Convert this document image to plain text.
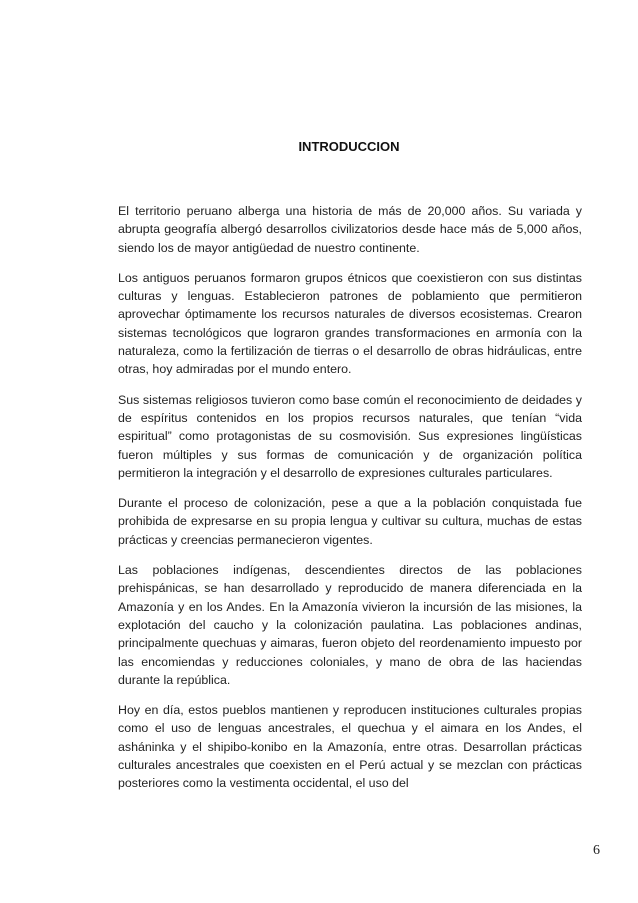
INTRODUCCION

El territorio peruano alberga una historia de más de 20,000 años. Su variada y abrupta geografía albergó desarrollos civilizatorios desde hace más de 5,000 años, siendo los de mayor antigüedad de nuestro continente.

Los antiguos peruanos formaron grupos étnicos que coexistieron con sus distintas culturas y lenguas. Establecieron patrones de poblamiento que permitieron aprovechar óptimamente los recursos naturales de diversos ecosistemas. Crearon sistemas tecnológicos que lograron grandes transformaciones en armonía con la naturaleza, como la fertilización de tierras o el desarrollo de obras hidráulicas, entre otras, hoy admiradas por el mundo entero.

Sus sistemas religiosos tuvieron como base común el reconocimiento de deidades y de espíritus contenidos en los propios recursos naturales, que tenían “vida espiritual” como protagonistas de su cosmovisión. Sus expresiones lingüísticas fueron múltiples y sus formas de comunicación y de organización política permitieron la integración y el desarrollo de expresiones culturales particulares.

Durante el proceso de colonización, pese a que a la población conquistada fue prohibida de expresarse en su propia lengua y cultivar su cultura, muchas de estas prácticas y creencias permanecieron vigentes.

Las poblaciones indígenas, descendientes directos de las poblaciones prehispánicas, se han desarrollado y reproducido de manera diferenciada en la Amazonía y en los Andes. En la Amazonía vivieron la incursión de las misiones, la explotación del caucho y la colonización paulatina. Las poblaciones andinas, principalmente quechuas y aimaras, fueron objeto del reordenamiento impuesto por las encomiendas y reducciones coloniales, y mano de obra de las haciendas durante la república.

Hoy en día, estos pueblos mantienen y reproducen instituciones culturales propias como el uso de lenguas ancestrales, el quechua y el aimara en los Andes, el asháninka y el shipibo-konibo en la Amazonía, entre otras. Desarrollan prácticas culturales ancestrales que coexisten en el Perú actual y se mezclan con prácticas posteriores como la vestimenta occidental, el uso del

6
